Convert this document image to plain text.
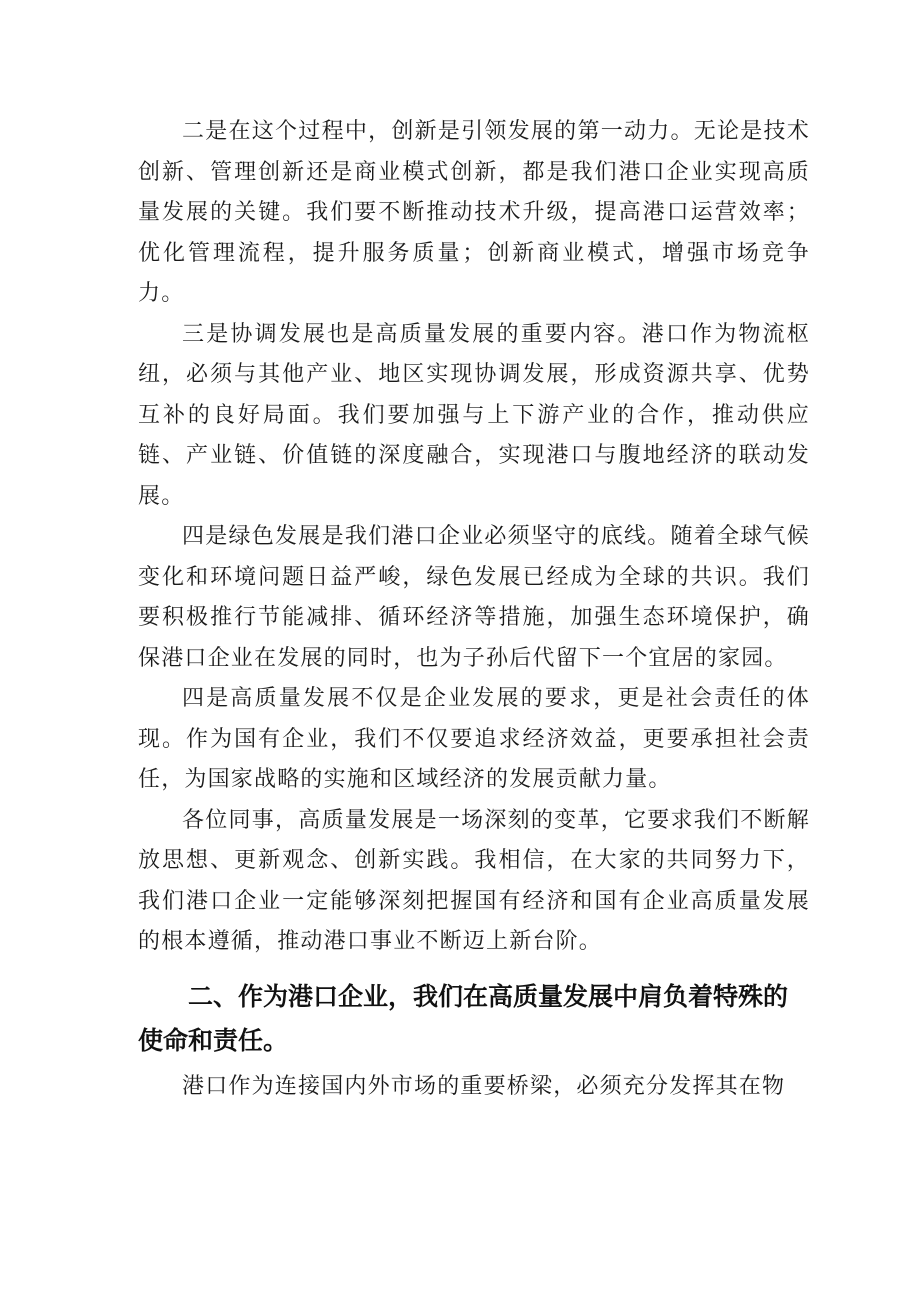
二是在这个过程中，创新是引领发展的第一动力。无论是技术创新、管理创新还是商业模式创新，都是我们港口企业实现高质量发展的关键。我们要不断推动技术升级，提高港口运营效率；优化管理流程，提升服务质量；创新商业模式，增强市场竞争力。

三是协调发展也是高质量发展的重要内容。港口作为物流枢纽，必须与其他产业、地区实现协调发展，形成资源共享、优势互补的良好局面。我们要加强与上下游产业的合作，推动供应链、产业链、价值链的深度融合，实现港口与腹地经济的联动发展。

四是绿色发展是我们港口企业必须坚守的底线。随着全球气候变化和环境问题日益严峻，绿色发展已经成为全球的共识。我们要积极推行节能减排、循环经济等措施，加强生态环境保护，确保港口企业在发展的同时，也为子孙后代留下一个宜居的家园。

四是高质量发展不仅是企业发展的要求，更是社会责任的体现。作为国有企业，我们不仅要追求经济效益，更要承担社会责任，为国家战略的实施和区域经济的发展贡献力量。

各位同事，高质量发展是一场深刻的变革，它要求我们不断解放思想、更新观念、创新实践。我相信，在大家的共同努力下，我们港口企业一定能够深刻把握国有经济和国有企业高质量发展的根本遵循，推动港口事业不断迈上新台阶。

二、作为港口企业，我们在高质量发展中肩负着特殊的使命和责任。

港口作为连接国内外市场的重要桥梁，必须充分发挥其在物
